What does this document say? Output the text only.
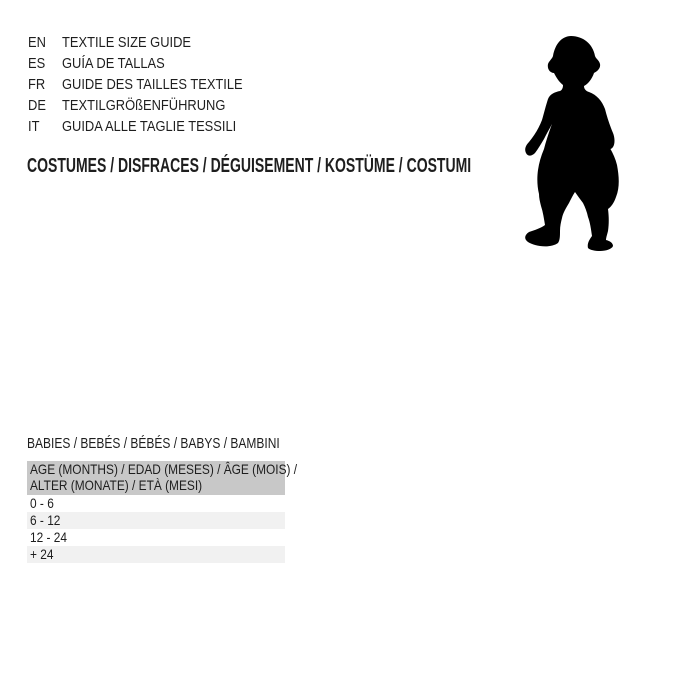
EN TEXTILE SIZE GUIDE
ES GUÍA DE TALLAS
FR GUIDE DES TAILLES TEXTILE
DE TEXTILGRÖßENFÜHRUNG
IT GUIDA ALLE TAGLIE TESSILI
COSTUMES / DISFRACES / DÉGUISEMENT / KOSTÜME / COSTUMI
BABIES / BEBÉS / BÉBÉS / BABYS / BAMBINI
AGE (MONTHS) / EDAD (MESES) / ÂGE (MOIS) /
ALTER (MONATE) / ETÀ (MESI)
0 - 6
6 - 12
12 - 24
+ 24
